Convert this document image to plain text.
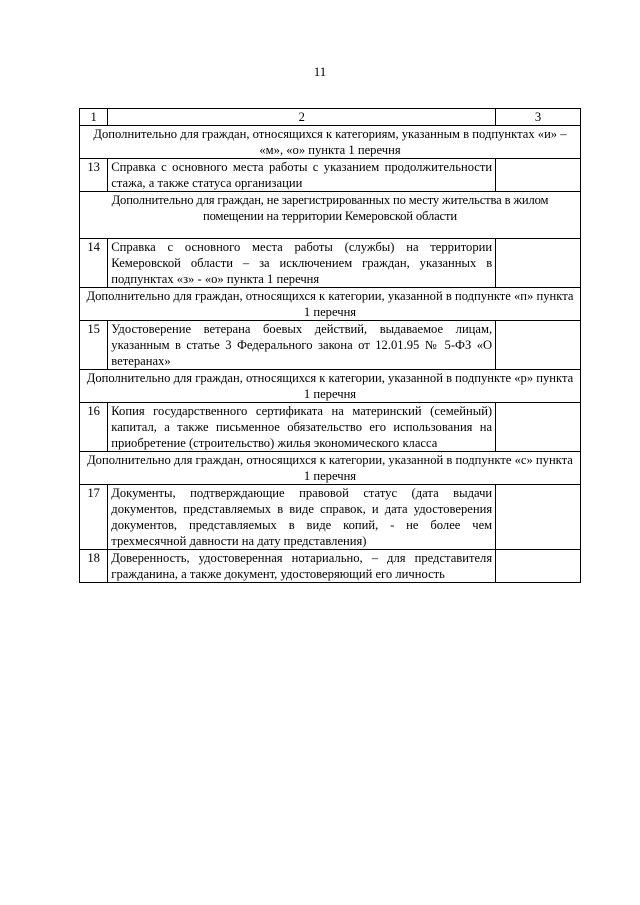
11
1	2	3
Дополнительно для граждан, относящихся к категориям, указанным в подпунктах «и» – «м», «о» пункта 1 перечня		
13	Справка с основного места работы с указанием продолжительности стажа, а также статуса организации	
Дополнительно для граждан, не зарегистрированных по месту жительства в жилом помещении на территории Кемеровской области		
14	Справка с основного места работы (службы) на территории Кемеровской области – за исключением граждан, указанных в подпунктах «з» - «о» пункта 1 перечня	
Дополнительно для граждан, относящихся к категории, указанной в подпункте «п» пункта 1 перечня		
15	Удостоверение ветерана боевых действий, выдаваемое лицам, указанным в статье 3 Федерального закона от 12.01.95 № 5-ФЗ «О ветеранах»	
Дополнительно для граждан, относящихся к категории, указанной в подпункте «р» пункта 1 перечня		
16	Копия государственного сертификата на материнский (семейный) капитал, а также письменное обязательство его использования на приобретение (строительство) жилья экономического класса	
Дополнительно для граждан, относящихся к категории, указанной в подпункте «с» пункта 1 перечня		
17	Документы, подтверждающие правовой статус (дата выдачи документов, представляемых в виде справок, и дата удостоверения документов, представляемых в виде копий, - не более чем трехмесячной давности на дату представления)	
18	Доверенность, удостоверенная нотариально, – для представителя гражданина, а также документ, удостоверяющий его личность	
